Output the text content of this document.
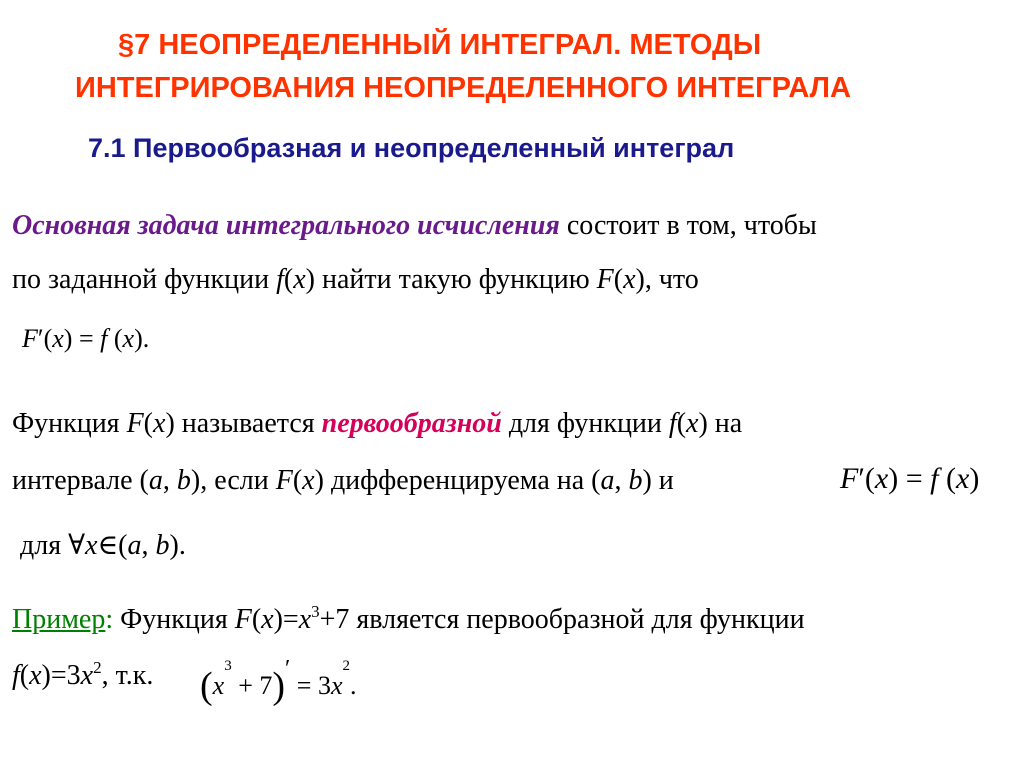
§7 НЕОПРЕДЕЛЕННЫЙ ИНТЕГРАЛ. МЕТОДЫ
ИНТЕГРИРОВАНИЯ НЕОПРЕДЕЛЕННОГО ИНТЕГРАЛА
7.1 Первообразная и неопределенный интеграл
Основная задача интегрального исчисления состоит в том, чтобы
по заданной функции f(x) найти такую функцию F(x), что
F′(x) = f (x).
Функция F(x) называется первообразной для функции f(x) на
интервале (a, b), если F(x) дифференцируема на (a, b) и	F′(x) = f (x)
для ∀x∈(a, b).
Пример: Функция $F(x)=x^3+7$ является первообразной для функции
$f(x)=3x^2$, т.к. $(x^3 + 7)' = 3x^2$.
